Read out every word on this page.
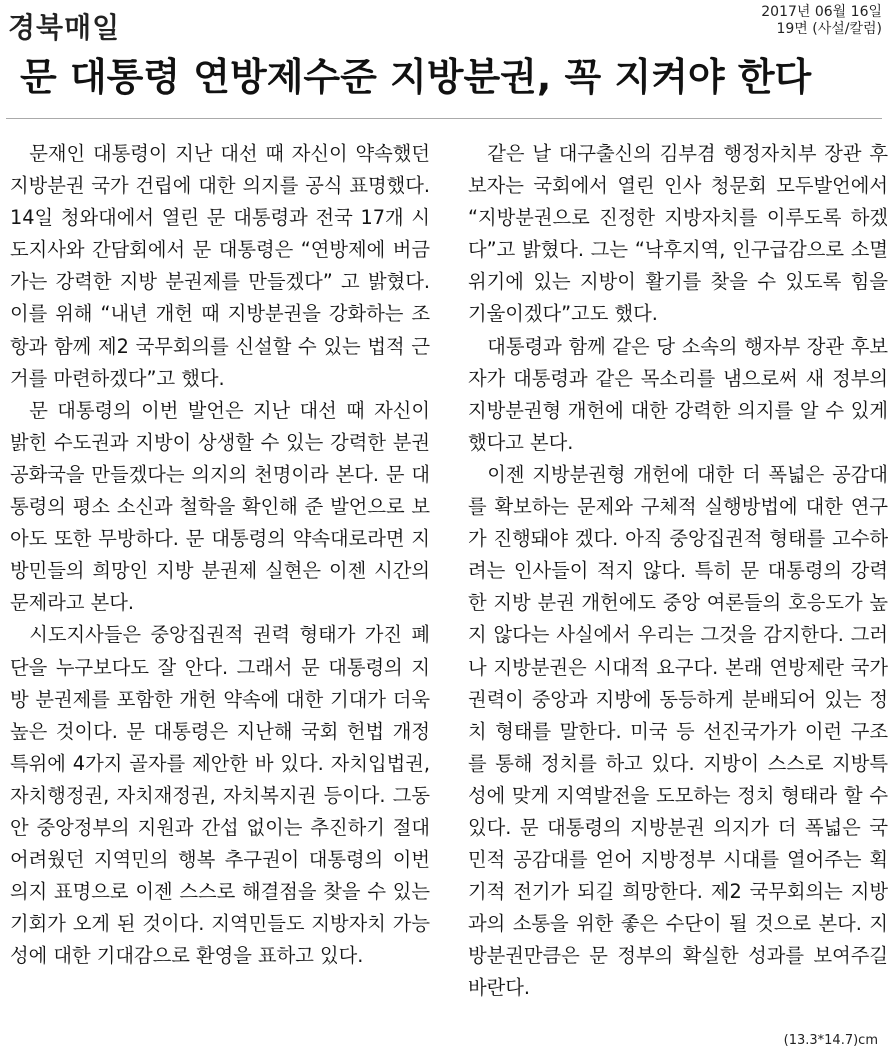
경북매일	2017년 06월 16일
19면 (사설/칼럼)
문 대통령 연방제수준 지방분권, 꼭 지켜야 한다

문재인 대통령이 지난 대선 때 자신이 약속했던 지방분권 국가 건립에 대한 의지를 공식 표명했다. 14일 청와대에서 열린 문 대통령과 전국 17개 시도지사와 간담회에서 문 대통령은 “연방제에 버금가는 강력한 지방 분권제를 만들겠다” 고 밝혔다. 이를 위해 “내년 개헌 때 지방분권을 강화하는 조항과 함께 제2 국무회의를 신설할 수 있는 법적 근거를 마련하겠다”고 했다.

문 대통령의 이번 발언은 지난 대선 때 자신이 밝힌 수도권과 지방이 상생할 수 있는 강력한 분권 공화국을 만들겠다는 의지의 천명이라 본다. 문 대통령의 평소 소신과 철학을 확인해 준 발언으로 보아도 또한 무방하다. 문 대통령의 약속대로라면 지방민들의 희망인 지방 분권제 실현은 이젠 시간의 문제라고 본다.

시도지사들은 중앙집권적 권력 형태가 가진 폐단을 누구보다도 잘 안다. 그래서 문 대통령의 지방 분권제를 포함한 개헌 약속에 대한 기대가 더욱 높은 것이다. 문 대통령은 지난해 국회 헌법 개정특위에 4가지 골자를 제안한 바 있다. 자치입법권, 자치행정권, 자치재정권, 자치복지권 등이다. 그동안 중앙정부의 지원과 간섭 없이는 추진하기 절대 어려웠던 지역민의 행복 추구권이 대통령의 이번 의지 표명으로 이젠 스스로 해결점을 찾을 수 있는 기회가 오게 된 것이다. 지역민들도 지방자치 가능성에 대한 기대감으로 환영을 표하고 있다.

같은 날 대구출신의 김부겸 행정자치부 장관 후보자는 국회에서 열린 인사 청문회 모두발언에서 “지방분권으로 진정한 지방자치를 이루도록 하겠다”고 밝혔다. 그는 “낙후지역, 인구급감으로 소멸위기에 있는 지방이 활기를 찾을 수 있도록 힘을 기울이겠다”고도 했다.

대통령과 함께 같은 당 소속의 행자부 장관 후보자가 대통령과 같은 목소리를 냄으로써 새 정부의 지방분권형 개헌에 대한 강력한 의지를 알 수 있게했다고 본다.

이젠 지방분권형 개헌에 대한 더 폭넓은 공감대를 확보하는 문제와 구체적 실행방법에 대한 연구가 진행돼야 겠다. 아직 중앙집권적 형태를 고수하려는 인사들이 적지 않다. 특히 문 대통령의 강력한 지방 분권 개헌에도 중앙 여론들의 호응도가 높지 않다는 사실에서 우리는 그것을 감지한다. 그러나 지방분권은 시대적 요구다. 본래 연방제란 국가권력이 중앙과 지방에 동등하게 분배되어 있는 정치 형태를 말한다. 미국 등 선진국가가 이런 구조를 통해 정치를 하고 있다. 지방이 스스로 지방특성에 맞게 지역발전을 도모하는 정치 형태라 할 수 있다. 문 대통령의 지방분권 의지가 더 폭넓은 국민적 공감대를 얻어 지방정부 시대를 열어주는 획기적 전기가 되길 희망한다. 제2 국무회의는 지방과의 소통을 위한 좋은 수단이 될 것으로 본다. 지방분권만큼은 문 정부의 확실한 성과를 보여주길 바란다.

(13.3*14.7)cm
